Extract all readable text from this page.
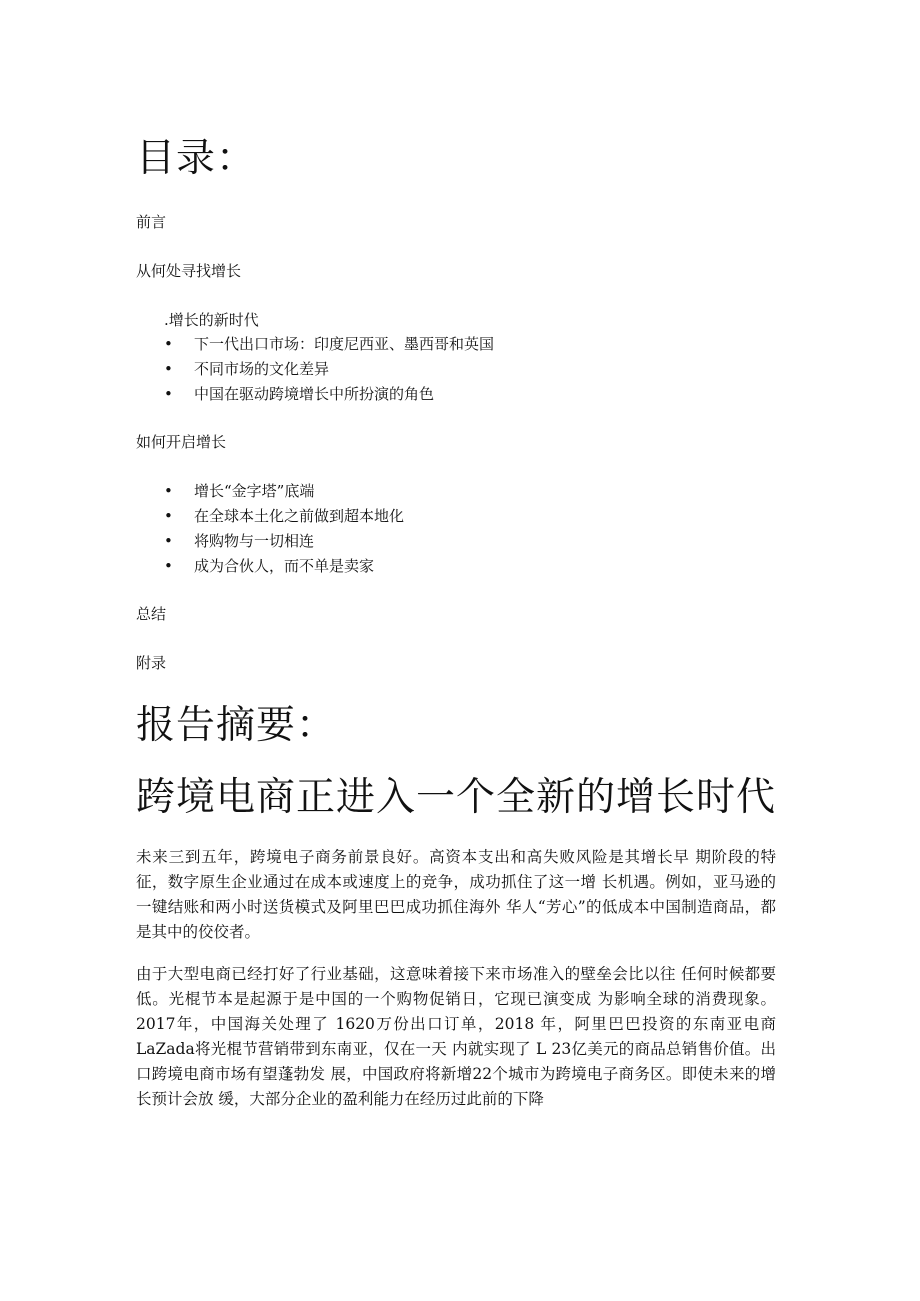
目录：

前言

从何处寻找增长

.增长的新时代

• 下一代出口市场：印度尼西亚、墨西哥和英国
• 不同市场的文化差异
• 中国在驱动跨境增长中所扮演的角色

如何开启增长

• 增长“金字塔”底端
• 在全球本土化之前做到超本地化
• 将购物与一切相连
• 成为合伙人，而不单是卖家

总结

附录

报告摘要：
跨境电商正进入一个全新的增长时代

未来三到五年，跨境电子商务前景良好。高资本支出和高失败风险是其增长早 期阶段的特征，数字原生企业通过在成本或速度上的竞争，成功抓住了这一增 长机遇。例如，亚马逊的一键结账和两小时送货模式及阿里巴巴成功抓住海外 华人“芳心”的低成本中国制造商品，都是其中的佼佼者。

由于大型电商已经打好了行业基础，这意味着接下来市场准入的壁垒会比以往 任何时候都要低。光棍节本是起源于是中国的一个购物促销日，它现已演变成 为影响全球的消费现象。2017年，中国海关处理了 1620万份出口订单，2018 年，阿里巴巴投资的东南亚电商LaZada将光棍节营销带到东南亚，仅在一天 内就实现了 L 23亿美元的商品总销售价值。出口跨境电商市场有望蓬勃发 展，中国政府将新增22个城市为跨境电子商务区。即使未来的增长预计会放 缓，大部分企业的盈利能力在经历过此前的下降
